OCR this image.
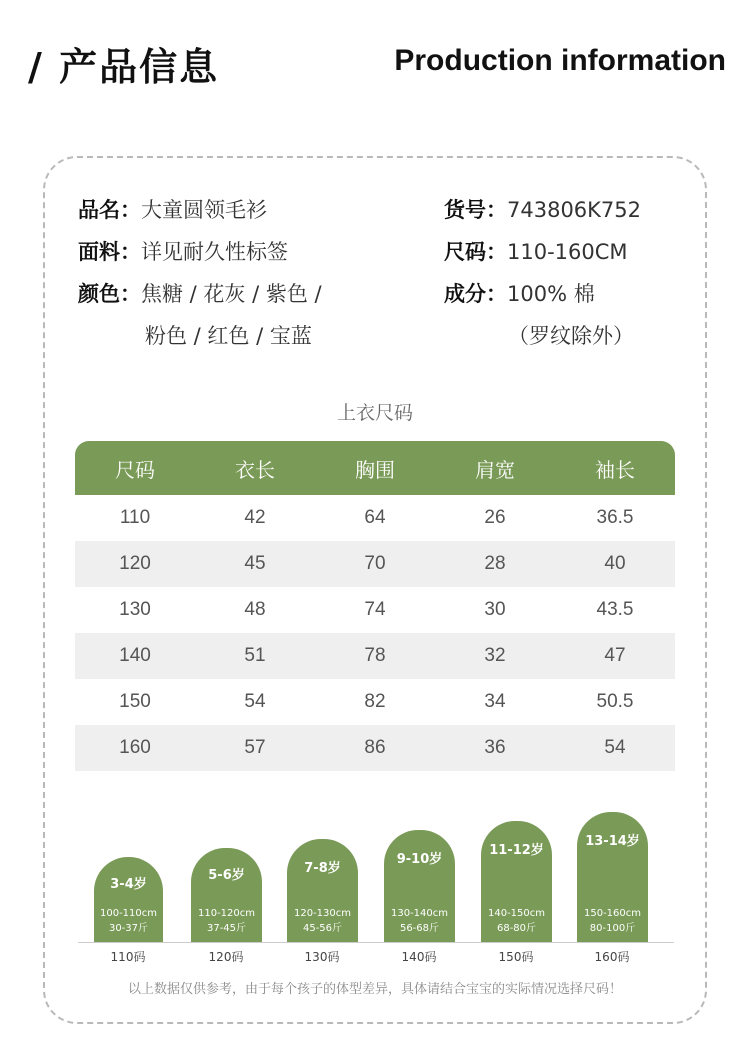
/ 产品信息	Production information
品名：大童圆领毛衫
面料：详见耐久性标签
颜色：焦糖 / 花灰 / 紫色 /
粉色 / 红色 / 宝蓝
货号：743806K752
尺码：110-160CM
成分：100% 棉
（罗纹除外）
上衣尺码
尺码	衣长	胸围	肩宽	袖长
110	42	64	26	36.5
120	45	70	28	40
130	48	74	30	43.5
140	51	78	32	47
150	54	82	34	50.5
160	57	86	36	54
3-4岁
100-110cm
30-37斤
5-6岁
110-120cm
37-45斤
7-8岁
120-130cm
45-56斤
9-10岁
130-140cm
56-68斤
11-12岁
140-150cm
68-80斤
13-14岁
150-160cm
80-100斤
110码	120码	130码	140码	150码	160码
以上数据仅供参考，由于每个孩子的体型差异，具体请结合宝宝的实际情况选择尺码！
